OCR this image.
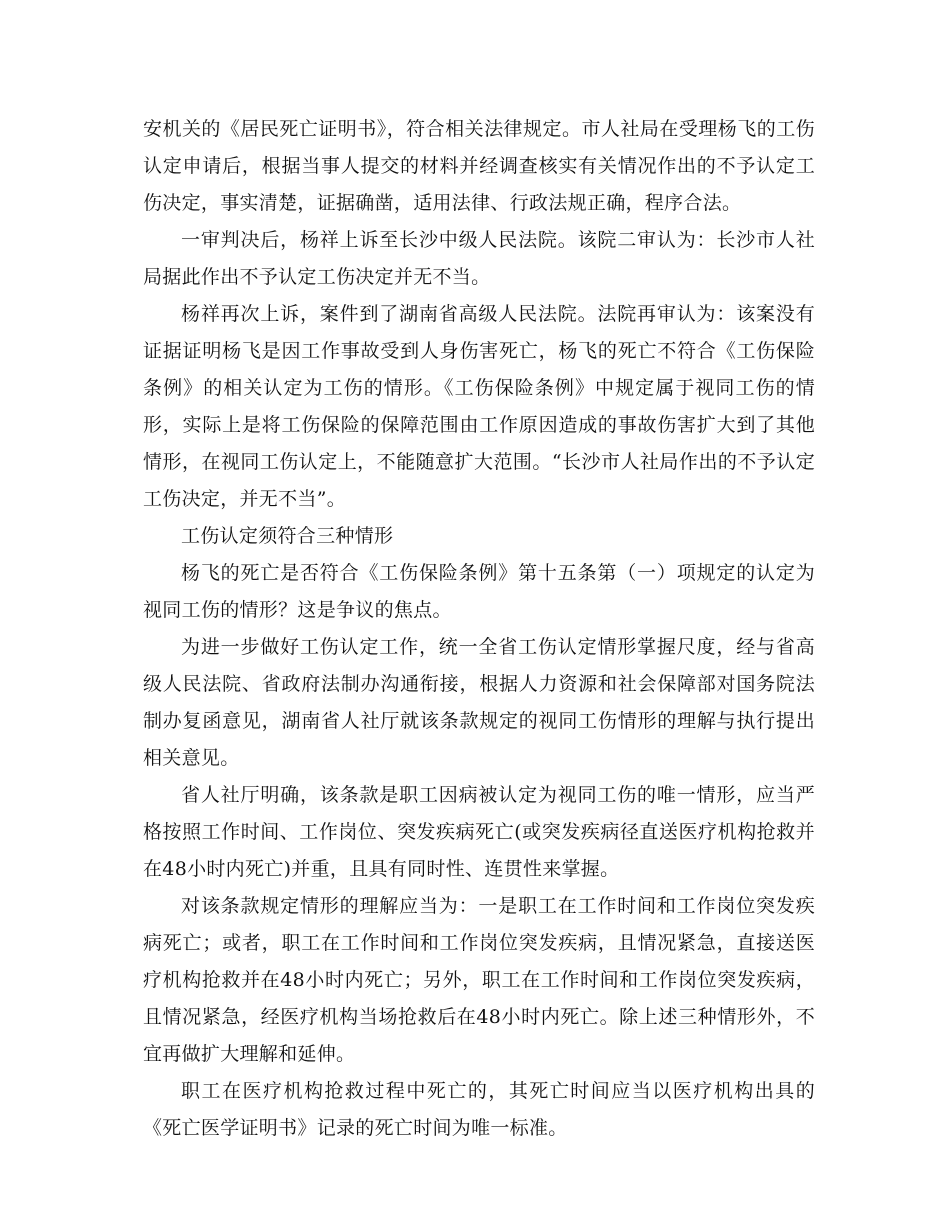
安机关的《居民死亡证明书》，符合相关法律规定。市人社局在受理杨飞的工伤认定申请后，根据当事人提交的材料并经调查核实有关情况作出的不予认定工伤决定，事实清楚，证据确凿，适用法律、行政法规正确，程序合法。

一审判决后，杨祥上诉至长沙中级人民法院。该院二审认为：长沙市人社局据此作出不予认定工伤决定并无不当。

杨祥再次上诉，案件到了湖南省高级人民法院。法院再审认为：该案没有证据证明杨飞是因工作事故受到人身伤害死亡，杨飞的死亡不符合《工伤保险条例》的相关认定为工伤的情形。《工伤保险条例》中规定属于视同工伤的情形，实际上是将工伤保险的保障范围由工作原因造成的事故伤害扩大到了其他情形，在视同工伤认定上，不能随意扩大范围。“长沙市人社局作出的不予认定工伤决定，并无不当”。

工伤认定须符合三种情形

杨飞的死亡是否符合《工伤保险条例》第十五条第（一）项规定的认定为视同工伤的情形？这是争议的焦点。

为进一步做好工伤认定工作，统一全省工伤认定情形掌握尺度，经与省高级人民法院、省政府法制办沟通衔接，根据人力资源和社会保障部对国务院法制办复函意见，湖南省人社厅就该条款规定的视同工伤情形的理解与执行提出相关意见。

省人社厅明确，该条款是职工因病被认定为视同工伤的唯一情形，应当严格按照工作时间、工作岗位、突发疾病死亡(或突发疾病径直送医疗机构抢救并在48小时内死亡)并重，且具有同时性、连贯性来掌握。

对该条款规定情形的理解应当为：一是职工在工作时间和工作岗位突发疾病死亡；或者，职工在工作时间和工作岗位突发疾病，且情况紧急，直接送医疗机构抢救并在48小时内死亡；另外，职工在工作时间和工作岗位突发疾病，且情况紧急，经医疗机构当场抢救后在48小时内死亡。除上述三种情形外，不宜再做扩大理解和延伸。

职工在医疗机构抢救过程中死亡的，其死亡时间应当以医疗机构出具的《死亡医学证明书》记录的死亡时间为唯一标准。
